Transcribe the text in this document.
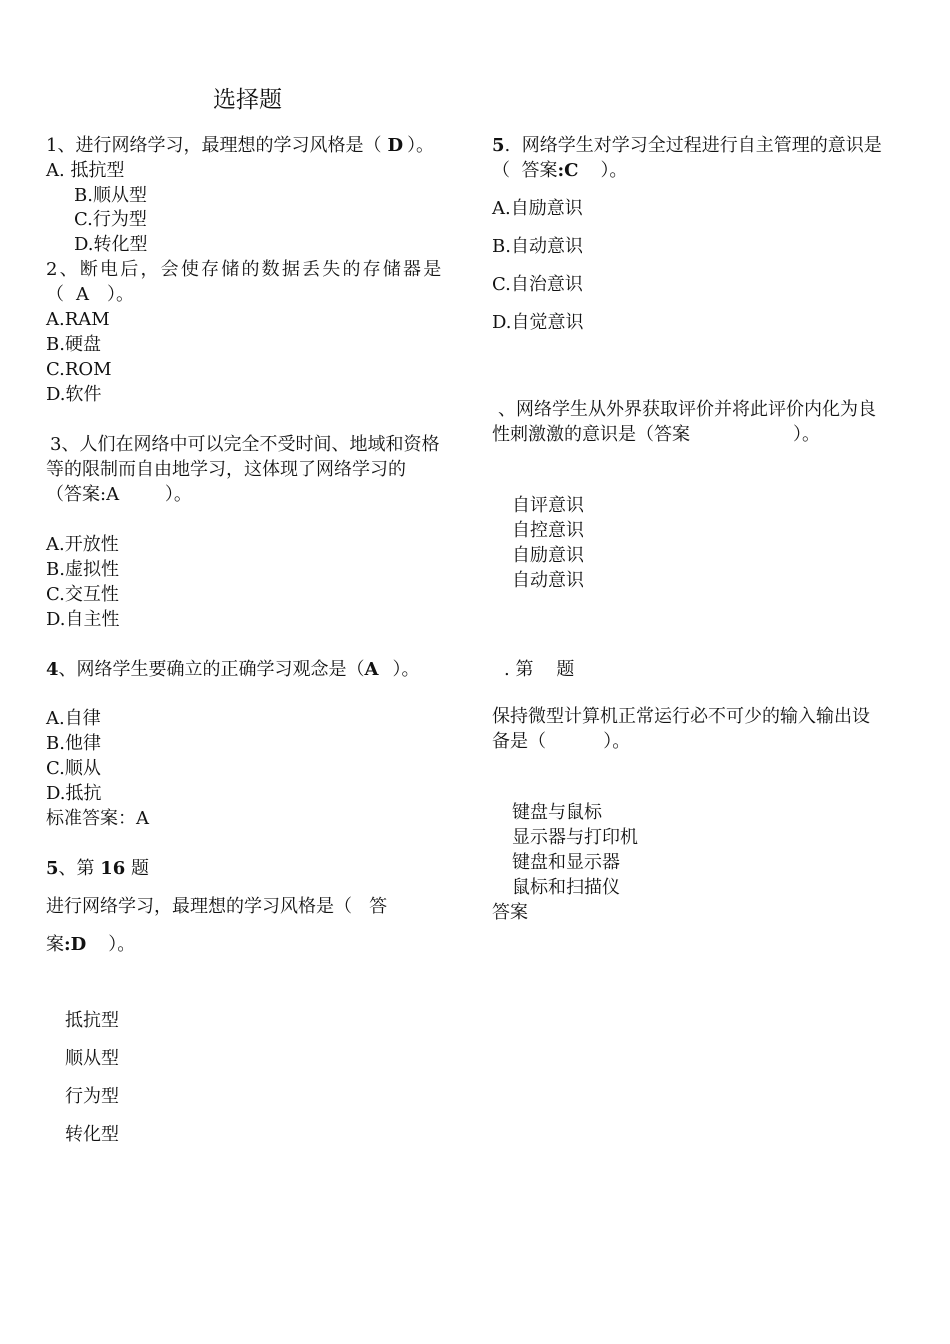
选择题
1、进行网络学习，最理想的学习风格是（ D ）。
A. 抵抗型
B.顺从型
C.行为型
D.转化型
2、断电后，会使存储的数据丢失的存储器是
（ A ）。
A.RAM
B.硬盘
C.ROM
D.软件
3、人们在网络中可以完全不受时间、地域和资格
等的限制而自由地学习，这体现了网络学习的
（答案:A        ）。
A.开放性
B.虚拟性
C.交互性
D.自主性
4、网络学生要确立的正确学习观念是（A ）。
A.自律
B.他律
C.顺从
D.抵抗
标准答案：A
5、第 16 题
进行网络学习，最理想的学习风格是（   答
案:D ）。
抵抗型
顺从型
行为型
转化型
5.  网络学生对学习全过程进行自主管理的意识是
（  答案:C ）。
A.自励意识
B.自动意识
C.自治意识
D.自觉意识
、网络学生从外界获取评价并将此评价内化为良
性刺激激的意识是（答案                  ）。
自评意识
自控意识
自励意识
自动意识
. 第    题
保持微型计算机正常运行必不可少的输入输出设
备是（          ）。
键盘与鼠标
显示器与打印机
键盘和显示器
鼠标和扫描仪
答案
